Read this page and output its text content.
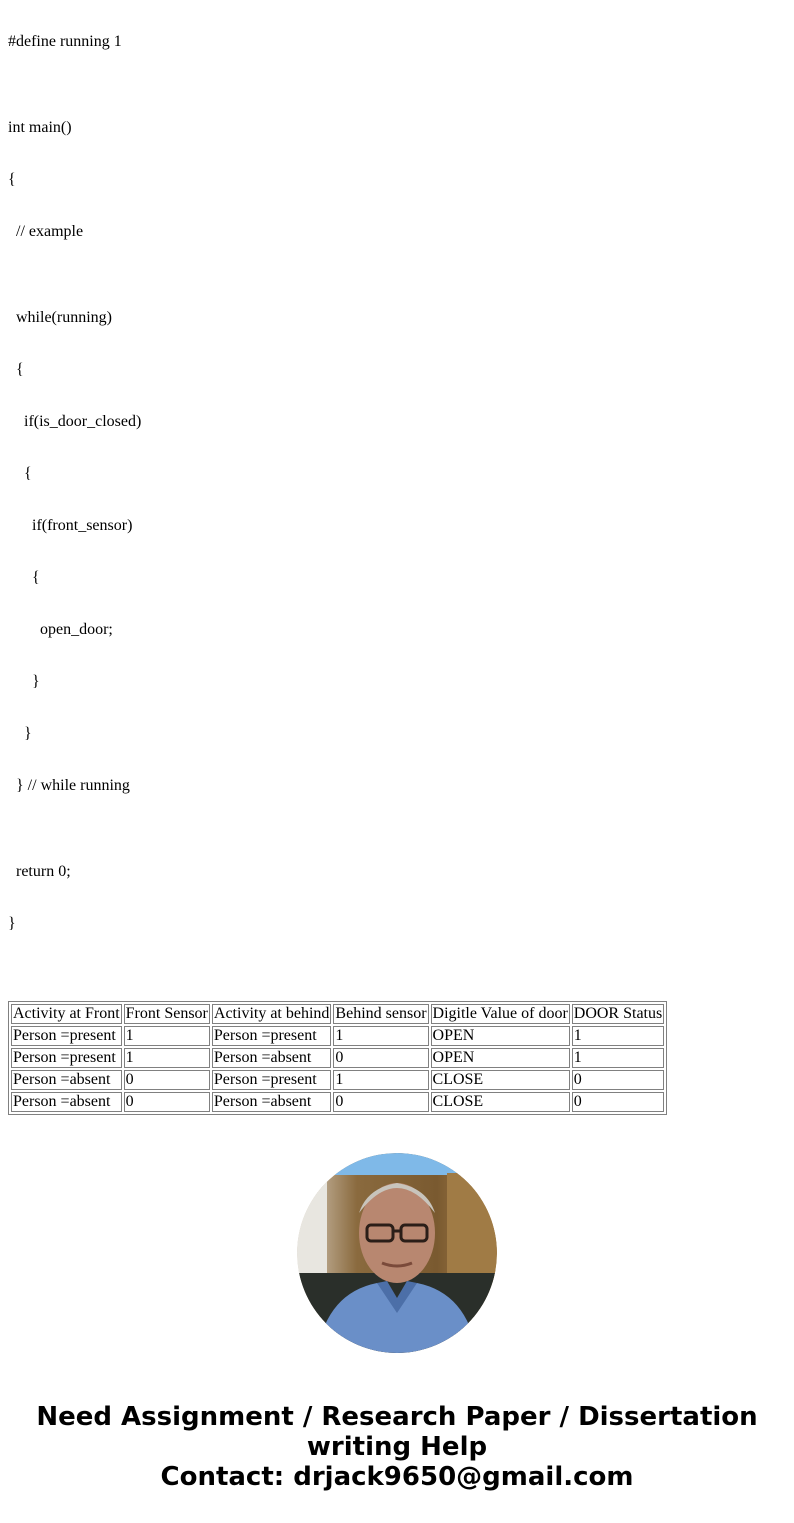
#define running 1
int main()
{
// example
while(running)
{
if(is_door_closed)
{
if(front_sensor)
{
open_door;
}
}
} // while running
return 0;
}
Activity at Front	Front Sensor	Activity at behind	Behind sensor	Digitle Value of door	DOOR Status
Person =present	1	Person =present	1	OPEN	1
Person =present	1	Person =absent	0	OPEN	1
Person =absent	0	Person =present	1	CLOSE	0
Person =absent	0	Person =absent	0	CLOSE	0
Need Assignment / Research Paper / Dissertation
writing Help
Contact: drjack9650@gmail.com
